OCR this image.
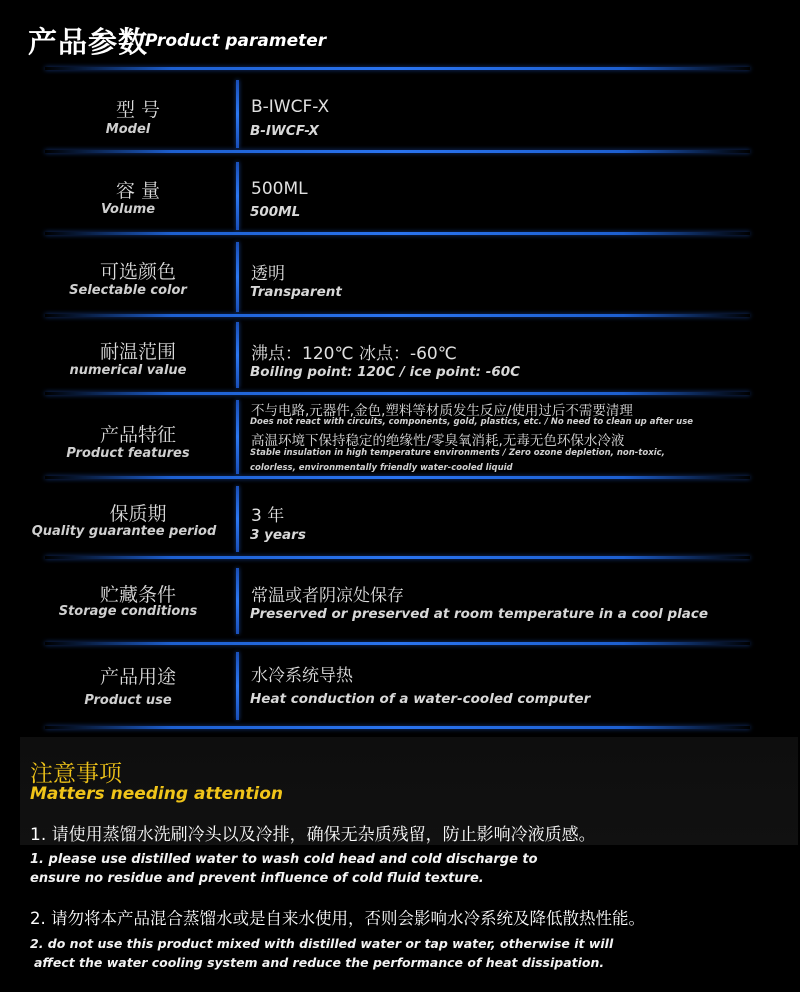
产品参数
Product parameter
型 号
Model
B-IWCF-X
B-IWCF-X
容 量
Volume
500ML
500ML
可选颜色
Selectable color
透明
Transparent
耐温范围
numerical value
沸点：120℃ 冰点：-60℃
Boiling point: 120C / ice point: -60C
产品特征
Product features
不与电路,元器件,金色,塑料等材质发生反应/使用过后不需要清理
Does not react with circuits, components, gold, plastics, etc. / No need to clean up after use
高温环境下保持稳定的绝缘性/零臭氧消耗,无毒无色环保水冷液
Stable insulation in high temperature environments / Zero ozone depletion, non-toxic,
colorless, environmentally friendly water-cooled liquid
保质期
Quality guarantee period
3 年
3 years
贮藏条件
Storage conditions
常温或者阴凉处保存
Preserved or preserved at room temperature in a cool place
产品用途
Product use
水冷系统导热
Heat conduction of a water-cooled computer
注意事项
Matters needing attention
1. 请使用蒸馏水洗刷冷头以及冷排，确保无杂质残留，防止影响冷液质感。
1. please use distilled water to wash cold head and cold discharge to
ensure no residue and prevent influence of cold fluid texture.
2. 请勿将本产品混合蒸馏水或是自来水使用，否则会影响水冷系统及降低散热性能。
2. do not use this product mixed with distilled water or tap water, otherwise it will
affect the water cooling system and reduce the performance of heat dissipation.
